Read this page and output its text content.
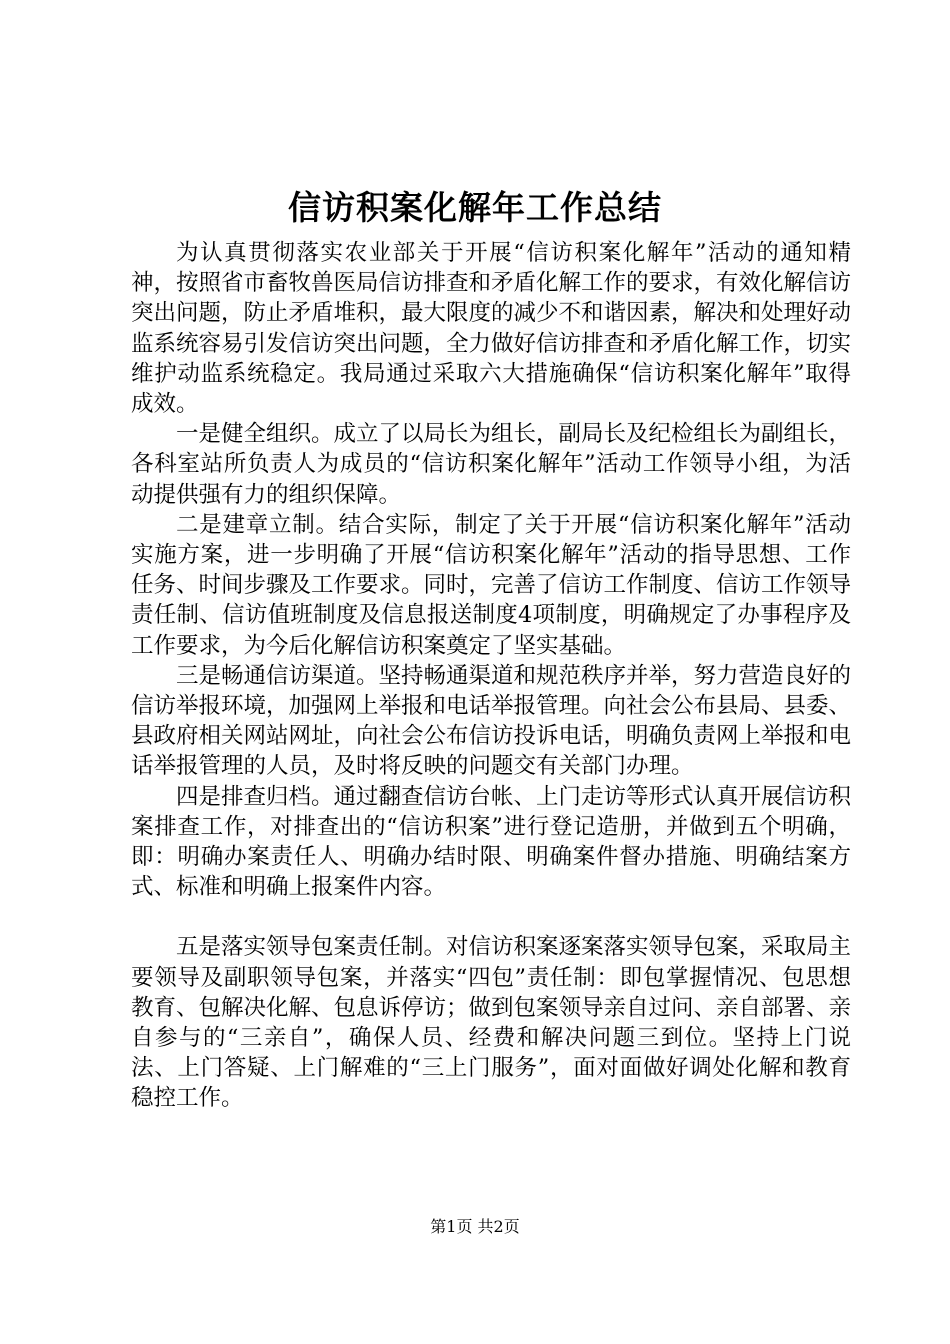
信访积案化解年工作总结

为认真贯彻落实农业部关于开展“信访积案化解年”活动的通知精神，按照省市畜牧兽医局信访排查和矛盾化解工作的要求，有效化解信访突出问题，防止矛盾堆积，最大限度的减少不和谐因素，解决和处理好动监系统容易引发信访突出问题，全力做好信访排查和矛盾化解工作，切实维护动监系统稳定。我局通过采取六大措施确保“信访积案化解年”取得成效。

一是健全组织。成立了以局长为组长，副局长及纪检组长为副组长，各科室站所负责人为成员的“信访积案化解年”活动工作领导小组，为活动提供强有力的组织保障。

二是建章立制。结合实际，制定了关于开展“信访积案化解年”活动实施方案，进一步明确了开展“信访积案化解年”活动的指导思想、工作任务、时间步骤及工作要求。同时，完善了信访工作制度、信访工作领导责任制、信访值班制度及信息报送制度4项制度，明确规定了办事程序及工作要求，为今后化解信访积案奠定了坚实基础。

三是畅通信访渠道。坚持畅通渠道和规范秩序并举，努力营造良好的信访举报环境，加强网上举报和电话举报管理。向社会公布县局、县委、县政府相关网站网址，向社会公布信访投诉电话，明确负责网上举报和电话举报管理的人员，及时将反映的问题交有关部门办理。

四是排查归档。通过翻查信访台帐、上门走访等形式认真开展信访积案排查工作，对排查出的“信访积案”进行登记造册，并做到五个明确，即：明确办案责任人、明确办结时限、明确案件督办措施、明确结案方式、标准和明确上报案件内容。

五是落实领导包案责任制。对信访积案逐案落实领导包案，采取局主要领导及副职领导包案，并落实“四包”责任制：即包掌握情况、包思想教育、包解决化解、包息诉停访；做到包案领导亲自过问、亲自部署、亲自参与的“三亲自”，确保人员、经费和解决问题三到位。坚持上门说法、上门答疑、上门解难的“三上门服务”，面对面做好调处化解和教育稳控工作。

第1页 共2页
